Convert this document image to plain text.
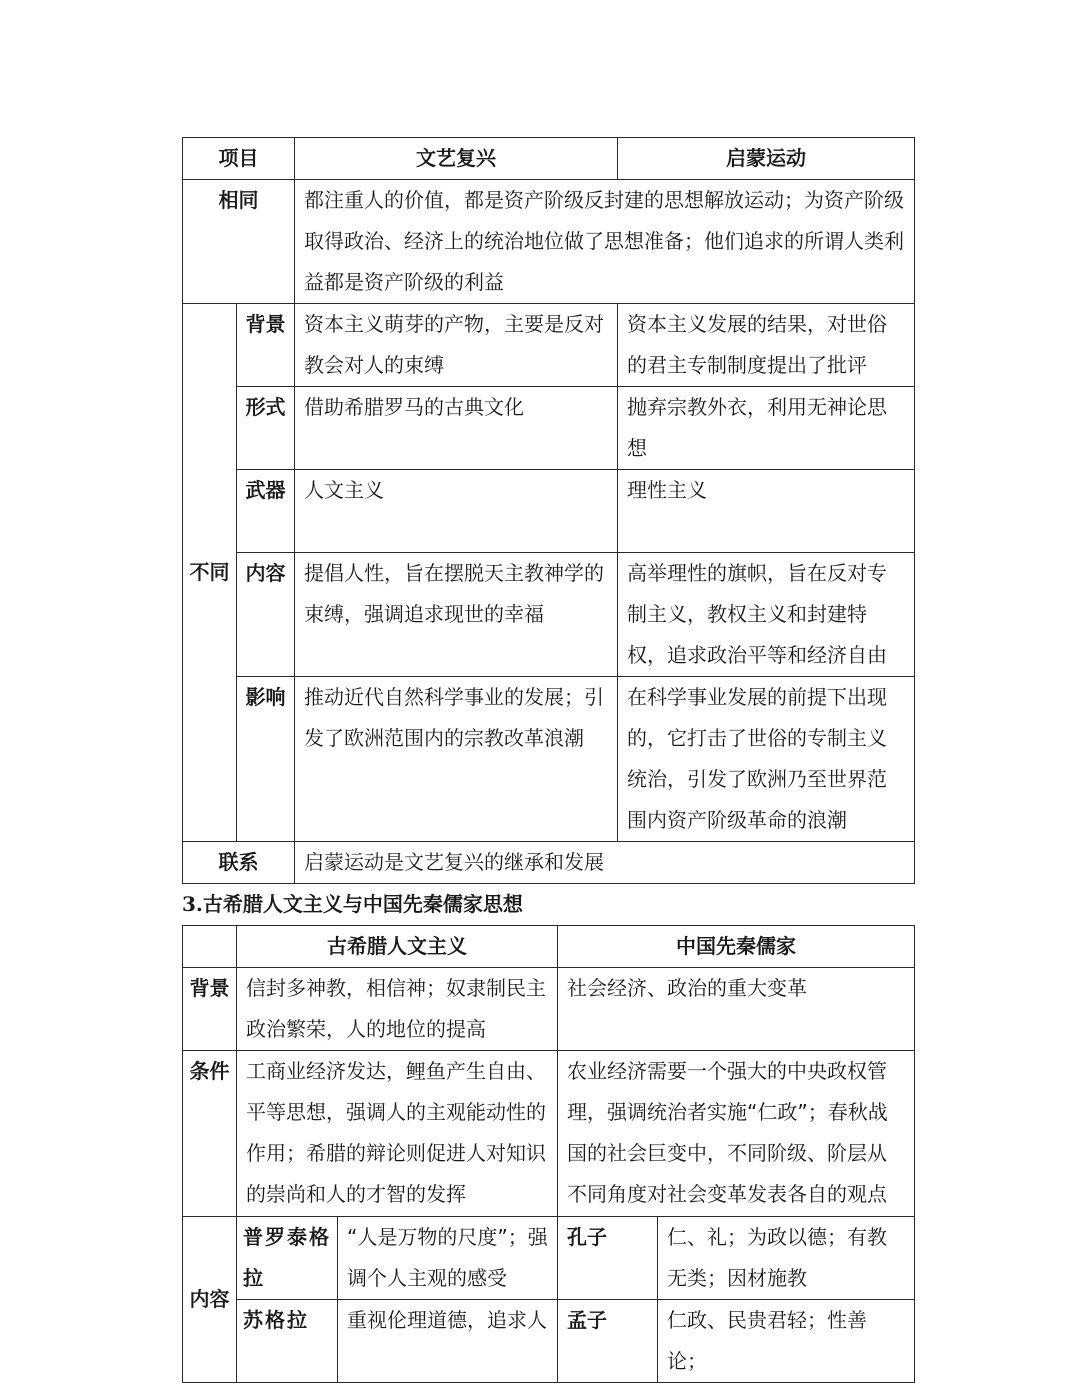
项目		文艺复兴	启蒙运动
相同		都注重人的价值，都是资产阶级反封建的思想解放运动；为资产阶级取得政治、经济上的统治地位做了思想准备；他们追求的所谓人类利益都是资产阶级的利益	
不同	背景	资本主义萌芽的产物，主要是反对教会对人的束缚	资本主义发展的结果，对世俗的君主专制制度提出了批评
	形式	借助希腊罗马的古典文化	抛弃宗教外衣，利用无神论思想
	武器	人文主义	理性主义
	内容	提倡人性，旨在摆脱天主教神学的束缚，强调追求现世的幸福	高举理性的旗帜，旨在反对专制主义，教权主义和封建特权，追求政治平等和经济自由
	影响	推动近代自然科学事业的发展；引发了欧洲范围内的宗教改革浪潮	在科学事业发展的前提下出现的，它打击了世俗的专制主义统治，引发了欧洲乃至世界范围内资产阶级革命的浪潮
联系		启蒙运动是文艺复兴的继承和发展	
3.古希腊人文主义与中国先秦儒家思想
	古希腊人文主义		中国先秦儒家	
背景	信封多神教，相信神；奴隶制民主政治繁荣，人的地位的提高		社会经济、政治的重大变革	
条件	工商业经济发达，鲤鱼产生自由、平等思想，强调人的主观能动性的作用；希腊的辩论则促进人对知识的崇尚和人的才智的发挥		农业经济需要一个强大的中央政权管理，强调统治者实施“仁政”；春秋战国的社会巨变中，不同阶级、阶层从不同角度对社会变革发表各自的观点	
内容	普罗泰格拉	“人是万物的尺度”；强调个人主观的感受	孔子	仁、礼；为政以德；有教无类；因材施教
	苏格拉	重视伦理道德，追求人	孟子	仁政、民贵君轻；性善论；
